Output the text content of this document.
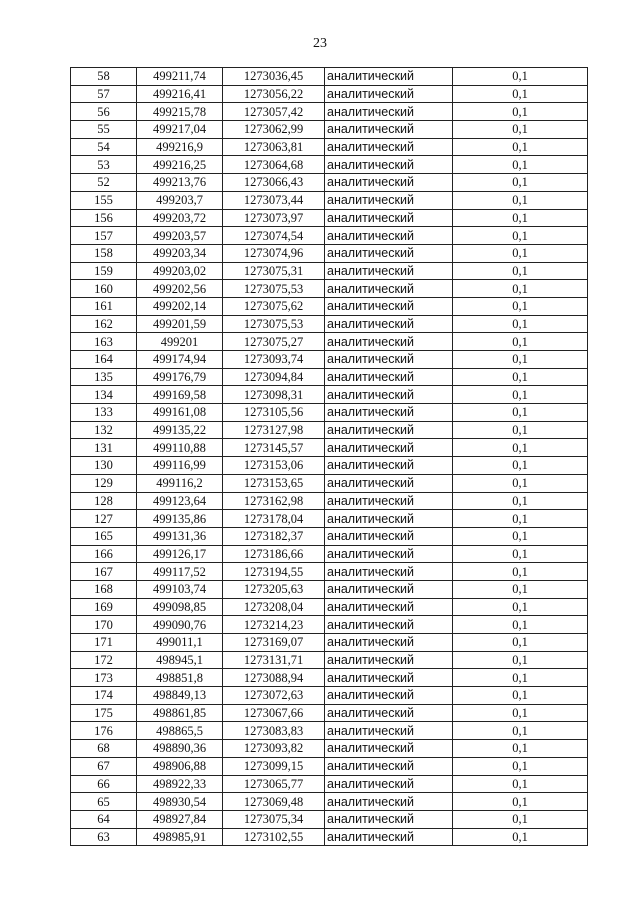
23
58	499211,74	1273036,45	аналитический	0,1
57	499216,41	1273056,22	аналитический	0,1
56	499215,78	1273057,42	аналитический	0,1
55	499217,04	1273062,99	аналитический	0,1
54	499216,9	1273063,81	аналитический	0,1
53	499216,25	1273064,68	аналитический	0,1
52	499213,76	1273066,43	аналитический	0,1
155	499203,7	1273073,44	аналитический	0,1
156	499203,72	1273073,97	аналитический	0,1
157	499203,57	1273074,54	аналитический	0,1
158	499203,34	1273074,96	аналитический	0,1
159	499203,02	1273075,31	аналитический	0,1
160	499202,56	1273075,53	аналитический	0,1
161	499202,14	1273075,62	аналитический	0,1
162	499201,59	1273075,53	аналитический	0,1
163	499201	1273075,27	аналитический	0,1
164	499174,94	1273093,74	аналитический	0,1
135	499176,79	1273094,84	аналитический	0,1
134	499169,58	1273098,31	аналитический	0,1
133	499161,08	1273105,56	аналитический	0,1
132	499135,22	1273127,98	аналитический	0,1
131	499110,88	1273145,57	аналитический	0,1
130	499116,99	1273153,06	аналитический	0,1
129	499116,2	1273153,65	аналитический	0,1
128	499123,64	1273162,98	аналитический	0,1
127	499135,86	1273178,04	аналитический	0,1
165	499131,36	1273182,37	аналитический	0,1
166	499126,17	1273186,66	аналитический	0,1
167	499117,52	1273194,55	аналитический	0,1
168	499103,74	1273205,63	аналитический	0,1
169	499098,85	1273208,04	аналитический	0,1
170	499090,76	1273214,23	аналитический	0,1
171	499011,1	1273169,07	аналитический	0,1
172	498945,1	1273131,71	аналитический	0,1
173	498851,8	1273088,94	аналитический	0,1
174	498849,13	1273072,63	аналитический	0,1
175	498861,85	1273067,66	аналитический	0,1
176	498865,5	1273083,83	аналитический	0,1
68	498890,36	1273093,82	аналитический	0,1
67	498906,88	1273099,15	аналитический	0,1
66	498922,33	1273065,77	аналитический	0,1
65	498930,54	1273069,48	аналитический	0,1
64	498927,84	1273075,34	аналитический	0,1
63	498985,91	1273102,55	аналитический	0,1
